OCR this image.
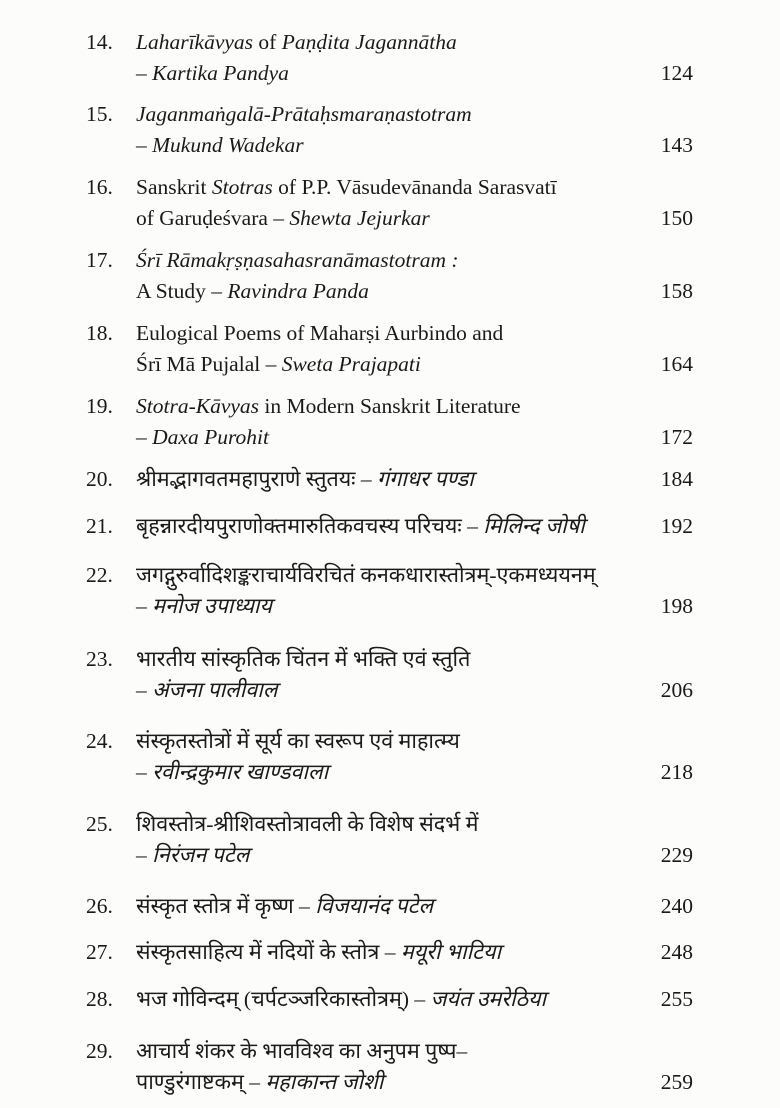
14. Laharīkāvyas of Paṇḍita Jagannātha
– Kartika Pandya	124
15. Jaganmaṅgalā-Prātaḥsmaraṇastotram
– Mukund Wadekar	143
16. Sanskrit Stotras of P.P. Vāsudevānanda Sarasvatī
of Garuḍeśvara – Shewta Jejurkar	150
17. Śrī Rāmakṛṣṇasahasranāmastotram :
A Study – Ravindra Panda	158
18. Eulogical Poems of Maharṣi Aurbindo and
Śrī Mā Pujalal – Sweta Prajapati	164
19. Stotra-Kāvyas in Modern Sanskrit Literature
– Daxa Purohit	172
20. श्रीमद्भागवतमहापुराणे स्तुतयः – गंगाधर पण्डा	184
21. बृहन्नारदीयपुराणोक्तमारुतिकवचस्य परिचयः – मिलिन्द जोषी	192
22. जगद्गुरुर्वादिशङ्कराचार्यविरचितं कनकधारास्तोत्रम्-एकमध्ययनम्
– मनोज उपाध्याय	198
23. भारतीय सांस्कृतिक चिंतन में भक्ति एवं स्तुति
– अंजना पालीवाल	206
24. संस्कृतस्तोत्रों में सूर्य का स्वरूप एवं माहात्म्य
– रवीन्द्रकुमार खाण्डवाला	218
25. शिवस्तोत्र-श्रीशिवस्तोत्रावली के विशेष संदर्भ में
– निरंजन पटेल	229
26. संस्कृत स्तोत्र में कृष्ण – विजयानंद पटेल	240
27. संस्कृतसाहित्य में नदियों के स्तोत्र – मयूरी भाटिया	248
28. भज गोविन्दम् (चर्पटञ्जरिकास्तोत्रम्) – जयंत उमरेठिया	255
29. आचार्य शंकर के भावविश्व का अनुपम पुष्प–
पाण्डुरंगाष्टकम् – महाकान्त जोशी	259
